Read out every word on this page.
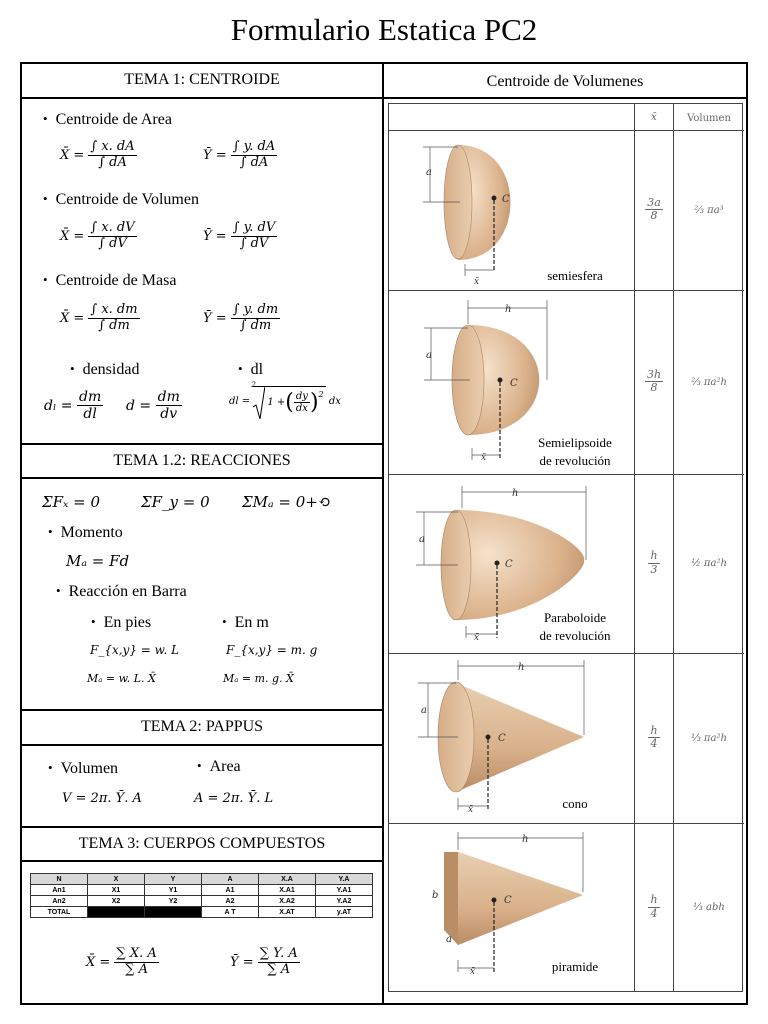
Formulario Estatica PC2
TEMA 1: CENTROIDE
• Centroide de Area
X̄ =
$\frac{\int x. dA}{\int dA}$	Ȳ =
$\frac{\int y. dA}{\int dA}$
• Centroide de Volumen
X̄ =
$\frac{\int x. dV}{\int dV}$	Ȳ =
$\frac{\int y. dV}{\int dV}$
• Centroide de Masa
X̄ =
$\frac{\int x. dm}{\int dm}$	Ȳ =
$\frac{\int y. dm}{\int dm}$
• densidad	• dl
dₗ =
$\frac{dm}{dl}$ d =
$\frac{dm}{dv}$	dl =

2
1 + ( $\frac{dy}{dx} )^2$

dx
TEMA 1.2: REACCIONES
ΣFₓ = 0	ΣF_y = 0 ΣMₐ = 0+⟲
• Momento
Mₐ = Fd
• Reacción en Barra
• En pies	• En m
F_{x,y} = w. L	F_{x,y} = m. g
Mₐ = w. L. X̄	Mₐ = m. g. X̄
TEMA 2: PAPPUS
• Volumen	• Area
V = 2π. Ȳ. A	A = 2π. Ȳ. L
TEMA 3: CUERPOS COMPUESTOS
N	X	Y	A	X.A	Y.A
An1	X1	Y1	A1	X.A1	Y.A1
An2	X2	Y2	A2	X.A2	Y.A2
TOTAL			A T	X.AT	y.AT
X̄ =
$\frac{\sum X. A}{\sum A}$	Ȳ =
$\frac{\sum Y. A}{\sum A}$
Centroide de Volumenes
x̄	Volumen
semiesfera
$\frac{3a}{8}$	⅔ πa³
Semielipsoide
de revolución
$\frac{3h}{8}$	⅔ πa²h
Paraboloide
de revolución
$\frac{h}{3}$	½ πa²h
cono
$\frac{h}{4}$	⅓ πa²h
piramide
$\frac{h}{4}$	⅓ abh
a
C
x̄
h
a
C
x̄
h
a
C
x̄
h
a
C
x̄
h
b
a
C
x̄
